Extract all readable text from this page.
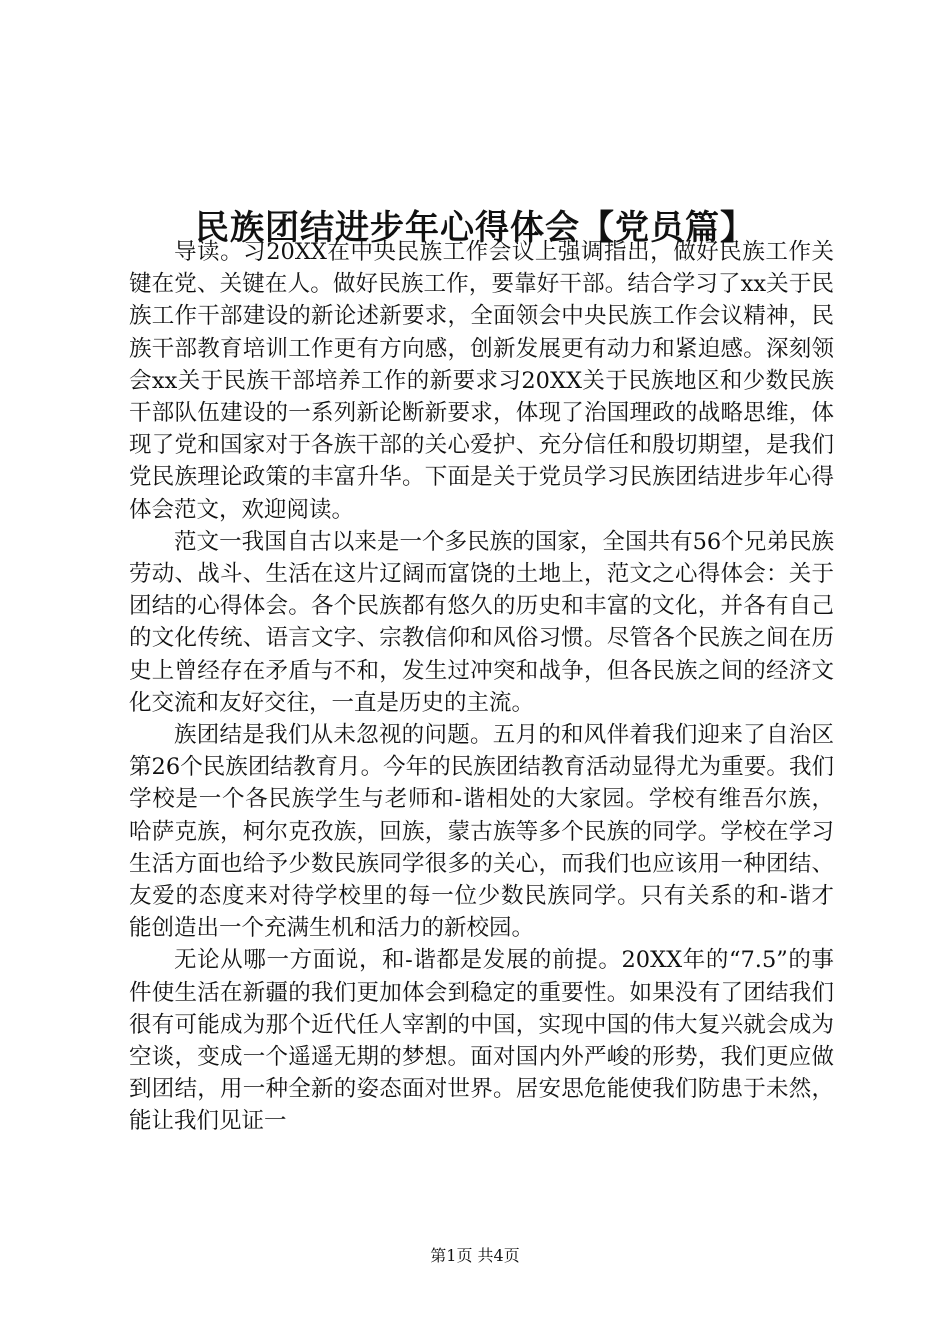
民族团结进步年心得体会【党员篇】

导读。习20XX在中央民族工作会议上强调指出，做好民族工作关键在党、关键在人。做好民族工作，要靠好干部。结合学习了xx关于民族工作干部建设的新论述新要求，全面领会中央民族工作会议精神，民族干部教育培训工作更有方向感，创新发展更有动力和紧迫感。深刻领会xx关于民族干部培养工作的新要求习20XX关于民族地区和少数民族干部队伍建设的一系列新论断新要求，体现了治国理政的战略思维，体现了党和国家对于各族干部的关心爱护、充分信任和殷切期望，是我们党民族理论政策的丰富升华。下面是关于党员学习民族团结进步年心得体会范文，欢迎阅读。

范文一我国自古以来是一个多民族的国家，全国共有56个兄弟民族劳动、战斗、生活在这片辽阔而富饶的土地上，范文之心得体会：关于团结的心得体会。各个民族都有悠久的历史和丰富的文化，并各有自己的文化传统、语言文字、宗教信仰和风俗习惯。尽管各个民族之间在历史上曾经存在矛盾与不和，发生过冲突和战争，但各民族之间的经济文化交流和友好交往，一直是历史的主流。

族团结是我们从未忽视的问题。五月的和风伴着我们迎来了自治区第26个民族团结教育月。今年的民族团结教育活动显得尤为重要。我们学校是一个各民族学生与老师和-谐相处的大家园。学校有维吾尔族，哈萨克族，柯尔克孜族，回族，蒙古族等多个民族的同学。学校在学习生活方面也给予少数民族同学很多的关心，而我们也应该用一种团结、友爱的态度来对待学校里的每一位少数民族同学。只有关系的和-谐才能创造出一个充满生机和活力的新校园。

无论从哪一方面说，和-谐都是发展的前提。20XX年的“7.5”的事件使生活在新疆的我们更加体会到稳定的重要性。如果没有了团结我们很有可能成为那个近代任人宰割的中国，实现中国的伟大复兴就会成为空谈，变成一个遥遥无期的梦想。面对国内外严峻的形势，我们更应做到团结，用一种全新的姿态面对世界。居安思危能使我们防患于未然，能让我们见证一

第1页 共4页
